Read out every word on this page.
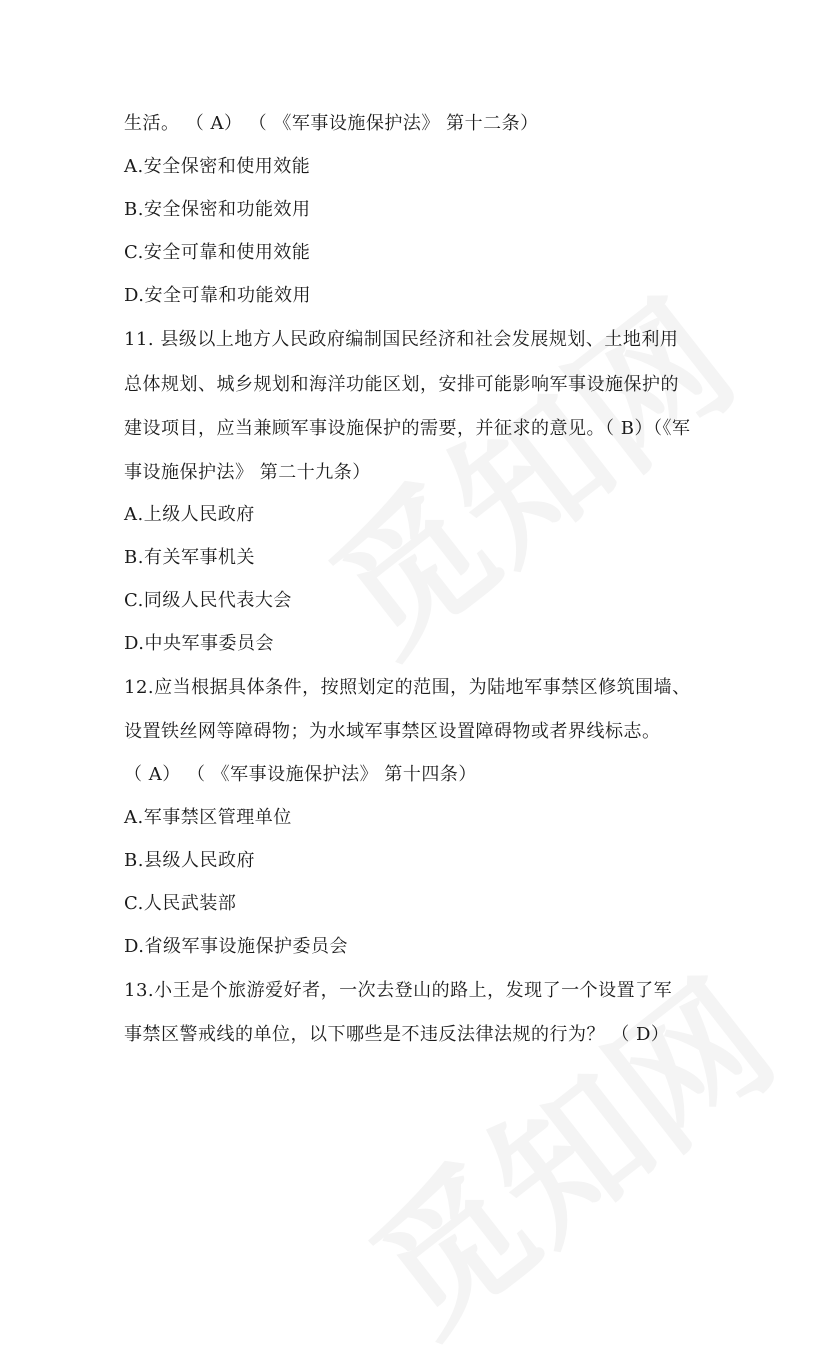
生活。 （ A） （ 《军事设施保护法》 第十二条）
A.安全保密和使用效能
B.安全保密和功能效用
C.安全可靠和使用效能
D.安全可靠和功能效用
11. 县级以上地方人民政府编制国民经济和社会发展规划、土地利用
总体规划、城乡规划和海洋功能区划，安排可能影响军事设施保护的
建设项目，应当兼顾军事设施保护的需要，并征求的意见。（ B）（《军
事设施保护法》 第二十九条）
A.上级人民政府
B.有关军事机关
C.同级人民代表大会
D.中央军事委员会
12.应当根据具体条件，按照划定的范围，为陆地军事禁区修筑围墙、
设置铁丝网等障碍物；为水域军事禁区设置障碍物或者界线标志。
（ A） （ 《军事设施保护法》 第十四条）
A.军事禁区管理单位
B.县级人民政府
C.人民武装部
D.省级军事设施保护委员会
13.小王是个旅游爱好者，一次去登山的路上，发现了一个设置了军
事禁区警戒线的单位，以下哪些是不违反法律法规的行为？ （ D）
